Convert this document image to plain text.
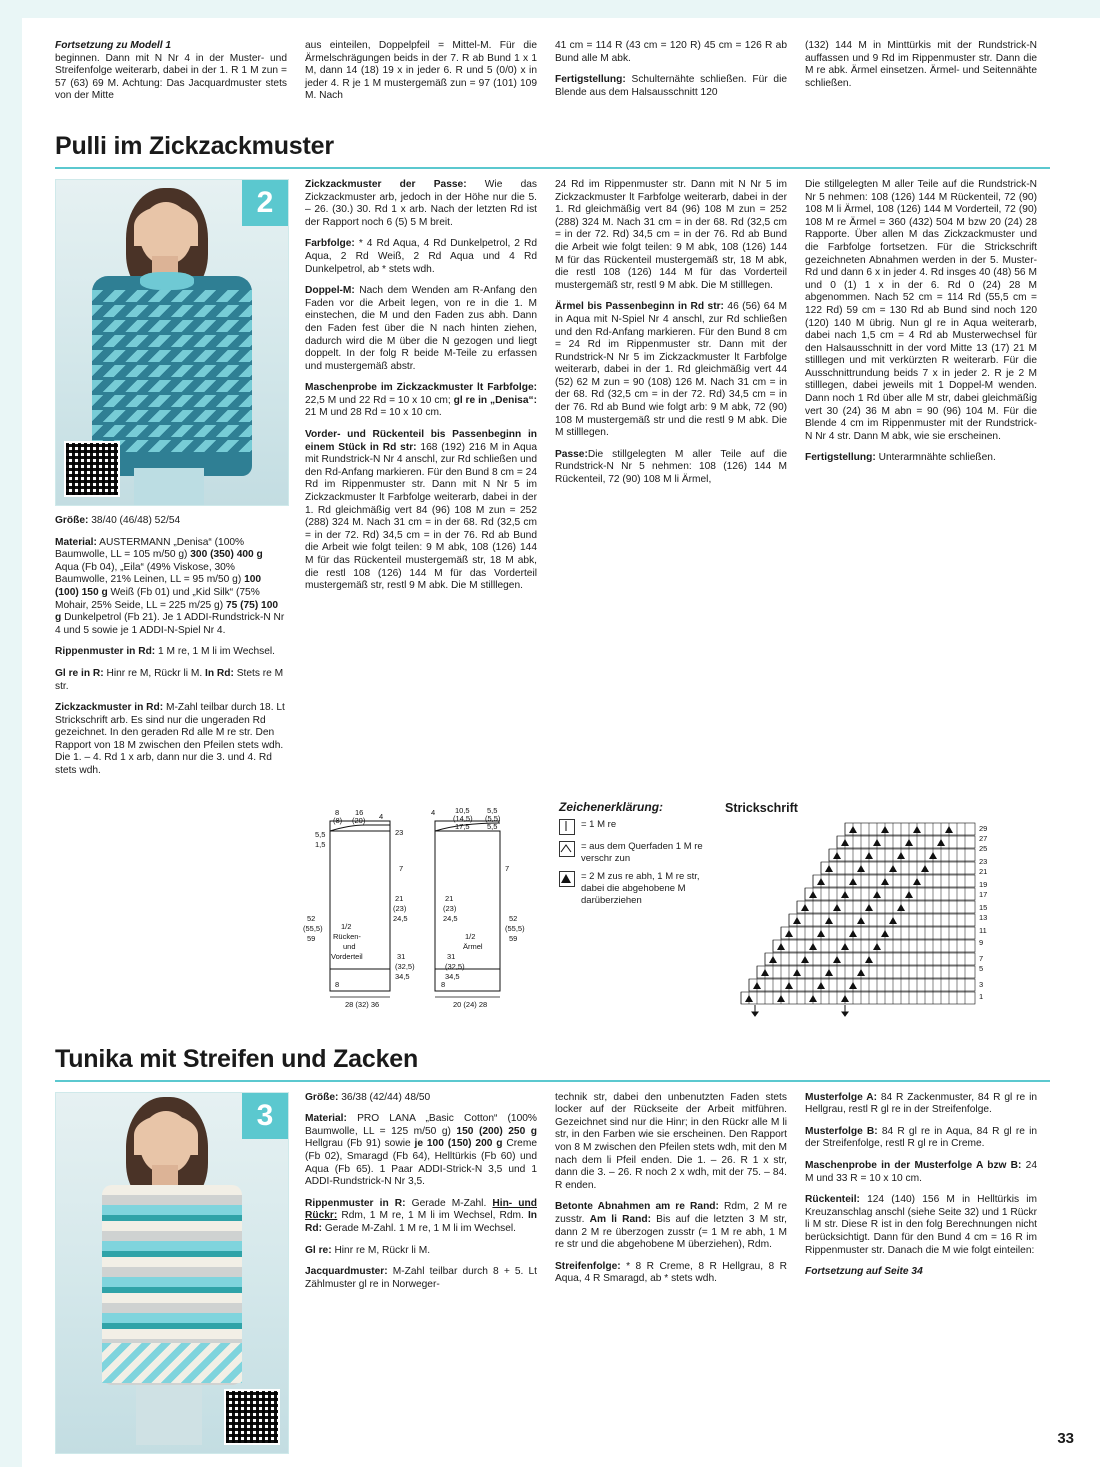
Fortsetzung zu Modell 1
beginnen. Dann mit N Nr 4 in der Muster- und Streifenfolge weiterarb, dabei in der 1. R 1 M zun = 57 (63) 69 M. Achtung: Das Jacquardmuster stets von der Mitte

aus einteilen, Doppelpfeil = Mittel-M. Für die Ärmelschrägungen beids in der 7. R ab Bund 1 x 1 M, dann 14 (18) 19 x in jeder 6. R und 5 (0/0) x in jeder 4. R je 1 M mustergemäß zun = 97 (101) 109 M. Nach

41 cm = 114 R (43 cm = 120 R) 45 cm = 126 R ab Bund alle M abk.

Fertigstellung: Schulternähte schließen. Für die Blende aus dem Halsausschnitt 120

(132) 144 M in Minttürkis mit der Rundstrick-N auffassen und 9 Rd im Rippenmuster str. Dann die M re abk. Ärmel einsetzen. Ärmel- und Seitennähte schließen.

Pulli im Zickzackmuster
2

Größe: 38/40 (46/48) 52/54

Material: AUSTERMANN „Denisa“ (100% Baumwolle, LL = 105 m/50 g) 300 (350) 400 g Aqua (Fb 04), „Eila“ (49% Viskose, 30% Baumwolle, 21% Leinen, LL = 95 m/50 g) 100 (100) 150 g Weiß (Fb 01) und „Kid Silk“ (75% Mohair, 25% Seide, LL = 225 m/25 g) 75 (75) 100 g Dunkelpetrol (Fb 21). Je 1 ADDI-Rundstrick-N Nr 4 und 5 sowie je 1 ADDI-N-Spiel Nr 4.

Rippenmuster in Rd: 1 M re, 1 M li im Wechsel.

Gl re in R: Hinr re M, Rückr li M. In Rd: Stets re M str.

Zickzackmuster in Rd: M-Zahl teilbar durch 18. Lt Strickschrift arb. Es sind nur die ungeraden Rd gezeichnet. In den geraden Rd alle M re str. Den Rapport von 18 M zwischen den Pfeilen stets wdh. Die 1. – 4. Rd 1 x arb, dann nur die 3. und 4. Rd stets wdh.

Zickzackmuster der Passe: Wie das Zickzackmuster arb, jedoch in der Höhe nur die 5. – 26. (30.) 30. Rd 1 x arb. Nach der letzten Rd ist der Rapport noch 6 (5) 5 M breit.

Farbfolge: * 4 Rd Aqua, 4 Rd Dunkelpetrol, 2 Rd Aqua, 2 Rd Weiß, 2 Rd Aqua und 4 Rd Dunkelpetrol, ab * stets wdh.

Doppel-M: Nach dem Wenden am R-Anfang den Faden vor die Arbeit legen, von re in die 1. M einstechen, die M und den Faden zus abh. Dann den Faden fest über die N nach hinten ziehen, dadurch wird die M über die N gezogen und liegt doppelt. In der folg R beide M-Teile zu erfassen und mustergemäß abstr.

Maschenprobe im Zickzackmuster lt Farbfolge: 22,5 M und 22 Rd = 10 x 10 cm; gl re in „Denisa“: 21 M und 28 Rd = 10 x 10 cm.

Vorder- und Rückenteil bis Passenbeginn in einem Stück in Rd str: 168 (192) 216 M in Aqua mit Rundstrick-N Nr 4 anschl, zur Rd schließen und den Rd-Anfang markieren. Für den Bund 8 cm = 24 Rd im Rippenmuster str. Dann mit N Nr 5 im Zickzackmuster lt Farbfolge weiterarb, dabei in der 1. Rd gleichmäßig vert 84 (96) 108 M zun = 252 (288) 324 M. Nach 31 cm = in der 68. Rd (32,5 cm = in der 72. Rd) 34,5 cm = in der 76. Rd ab Bund die Arbeit wie folgt teilen: 9 M abk, 108 (126) 144 M für das Rückenteil mustergemäß str, 18 M abk, die restl 108 (126) 144 M für das Vorderteil mustergemäß str, restl 9 M abk. Die M stilllegen.

24 Rd im Rippenmuster str. Dann mit N Nr 5 im Zickzackmuster lt Farbfolge weiterarb, dabei in der 1. Rd gleichmäßig vert 84 (96) 108 M zun = 252 (288) 324 M. Nach 31 cm = in der 68. Rd (32,5 cm = in der 72. Rd) 34,5 cm = in der 76. Rd ab Bund die Arbeit wie folgt teilen: 9 M abk, 108 (126) 144 M für das Rückenteil mustergemäß str, 18 M abk, die restl 108 (126) 144 M für das Vorderteil mustergemäß str, restl 9 M abk. Die M stilllegen.

Ärmel bis Passenbeginn in Rd str: 46 (56) 64 M in Aqua mit N-Spiel Nr 4 anschl, zur Rd schließen und den Rd-Anfang markieren. Für den Bund 8 cm = 24 Rd im Rippenmuster str. Dann mit der Rundstrick-N Nr 5 im Zickzackmuster lt Farbfolge weiterarb, dabei in der 1. Rd gleichmäßig vert 44 (52) 62 M zun = 90 (108) 126 M. Nach 31 cm = in der 68. Rd (32,5 cm = in der 72. Rd) 34,5 cm = in der 76. Rd ab Bund wie folgt arb: 9 M abk, 72 (90) 108 M mustergemäß str und die restl 9 M abk. Die M stilllegen.

Passe:Die stillgelegten M aller Teile auf die Rundstrick-N Nr 5 nehmen: 108 (126) 144 M Rückenteil, 72 (90) 108 M li Ärmel,

Die stillgelegten M aller Teile auf die Rundstrick-N Nr 5 nehmen: 108 (126) 144 M Rückenteil, 72 (90) 108 M li Ärmel, 108 (126) 144 M Vorderteil, 72 (90) 108 M re Ärmel = 360 (432) 504 M bzw 20 (24) 28 Rapporte. Über allen M das Zickzackmuster und die Farbfolge fortsetzen. Für die Strickschrift gezeichneten Abnahmen werden in der 5. Muster-Rd und dann 6 x in jeder 4. Rd insges 40 (48) 56 M und 0 (1) 1 x in der 6. Rd 0 (24) 28 M abgenommen. Nach 52 cm = 114 Rd (55,5 cm = 122 Rd) 59 cm = 130 Rd ab Bund sind noch 120 (120) 140 M übrig. Nun gl re in Aqua weiterarb, dabei nach 1,5 cm = 4 Rd ab Musterwechsel für den Halsausschnitt in der vord Mitte 13 (17) 21 M stilllegen und mit verkürzten R weiterarb. Für die Ausschnittrundung beids 7 x in jeder 2. R je 2 M stilllegen, dabei jeweils mit 1 Doppel-M wenden. Dann noch 1 Rd über alle M str, dabei gleichmäßig vert 30 (24) 36 M abn = 90 (96) 104 M. Für die Blende 4 cm im Rippenmuster mit der Rundstrick-N Nr 4 str. Dann M abk, wie sie erscheinen.

Fertigstellung: Unterarmnähte schließen.

8
(8)
16
(20) 4
5,5
1,5
23
7
21
(23)
24,5
1/2
Rücken-
und
Vorderteil	31
(32,5)
34,5
52
(55,5)
59
8
28 (32) 36
4	10,5
(14,5)
17,5
5,5
(5,5)
5,5
7
21
(23)
24,5
1/2
Ärmel
31
(32,5)
34,5
52
(55,5)
59
8
20 (24) 28
Zeichenerklärung:
= 1 M re
= aus dem Querfaden 1 M re verschr zun
= 2 M zus re abh, 1 M re str, dabei die abgehobene M darüberziehen
Strickschrift
29
27
25
23
21
19
17
15
13
11
9
7
5
3
1
Tunika mit Streifen und Zacken
3

Größe: 36/38 (42/44) 48/50

Material: PRO LANA „Basic Cotton“ (100% Baumwolle, LL = 125 m/50 g) 150 (200) 250 g Hellgrau (Fb 91) sowie je 100 (150) 200 g Creme (Fb 02), Smaragd (Fb 64), Helltürkis (Fb 60) und Aqua (Fb 65). 1 Paar ADDI-Strick-N 3,5 und 1 ADDI-Rundstrick-N Nr 3,5.

Rippenmuster in R: Gerade M-Zahl. Hin- und Rückr: Rdm, 1 M re, 1 M li im Wechsel, Rdm. In Rd: Gerade M-Zahl. 1 M re, 1 M li im Wechsel.

Gl re: Hinr re M, Rückr li M.

Jacquardmuster: M-Zahl teilbar durch 8 + 5. Lt Zählmuster gl re in Norweger-

technik str, dabei den unbenutzten Faden stets locker auf der Rückseite der Arbeit mitführen. Gezeichnet sind nur die Hinr; in den Rückr alle M li str, in den Farben wie sie erscheinen. Den Rapport von 8 M zwischen den Pfeilen stets wdh, mit den M nach dem li Pfeil enden. Die 1. – 26. R 1 x str, dann die 3. – 26. R noch 2 x wdh, mit der 75. – 84. R enden.

Betonte Abnahmen am re Rand: Rdm, 2 M re zusstr. Am li Rand: Bis auf die letzten 3 M str, dann 2 M re überzogen zusstr (= 1 M re abh, 1 M re str und die abgehobene M überziehen), Rdm.

Streifenfolge: * 8 R Creme, 8 R Hellgrau, 8 R Aqua, 4 R Smaragd, ab * stets wdh.

Musterfolge A: 84 R Zackenmuster, 84 R gl re in Hellgrau, restl R gl re in der Streifenfolge.

Musterfolge B: 84 R gl re in Aqua, 84 R gl re in der Streifenfolge, restl R gl re in Creme.

Maschenprobe in der Musterfolge A bzw B: 24 M und 33 R = 10 x 10 cm.

Rückenteil: 124 (140) 156 M in Helltürkis im Kreuzanschlag anschl (siehe Seite 32) und 1 Rückr li M str. Diese R ist in den folg Berechnungen nicht berücksichtigt. Dann für den Bund 4 cm = 16 R im Rippenmuster str. Danach die M wie folgt einteilen:

Fortsetzung auf Seite 34

33
